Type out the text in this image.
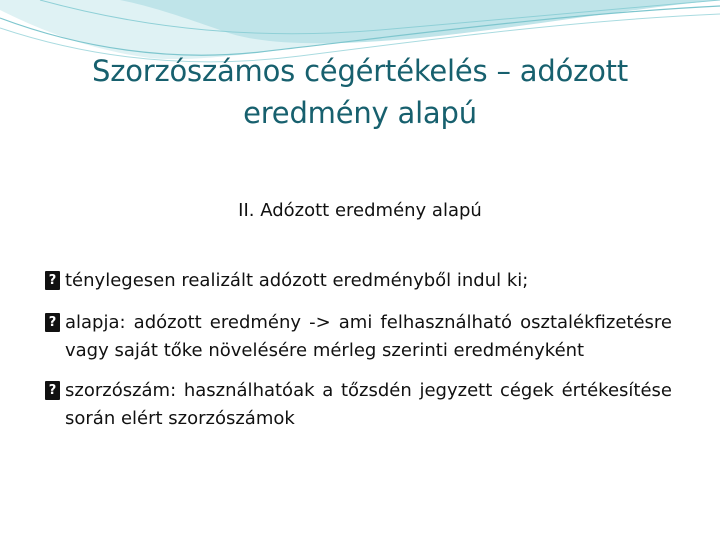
Szorzószámos cégértékelés – adózott eredmény alapú
II. Adózott eredmény alapú
? ténylegesen realizált adózott eredményből indul ki;
? alapja: adózott eredmény -> ami felhasználható osztalékfizetésre vagy saját tőke növelésére mérleg szerinti eredményként
? szorzószám: használhatóak a tőzsdén jegyzett cégek értékesítése során elért szorzószámok
